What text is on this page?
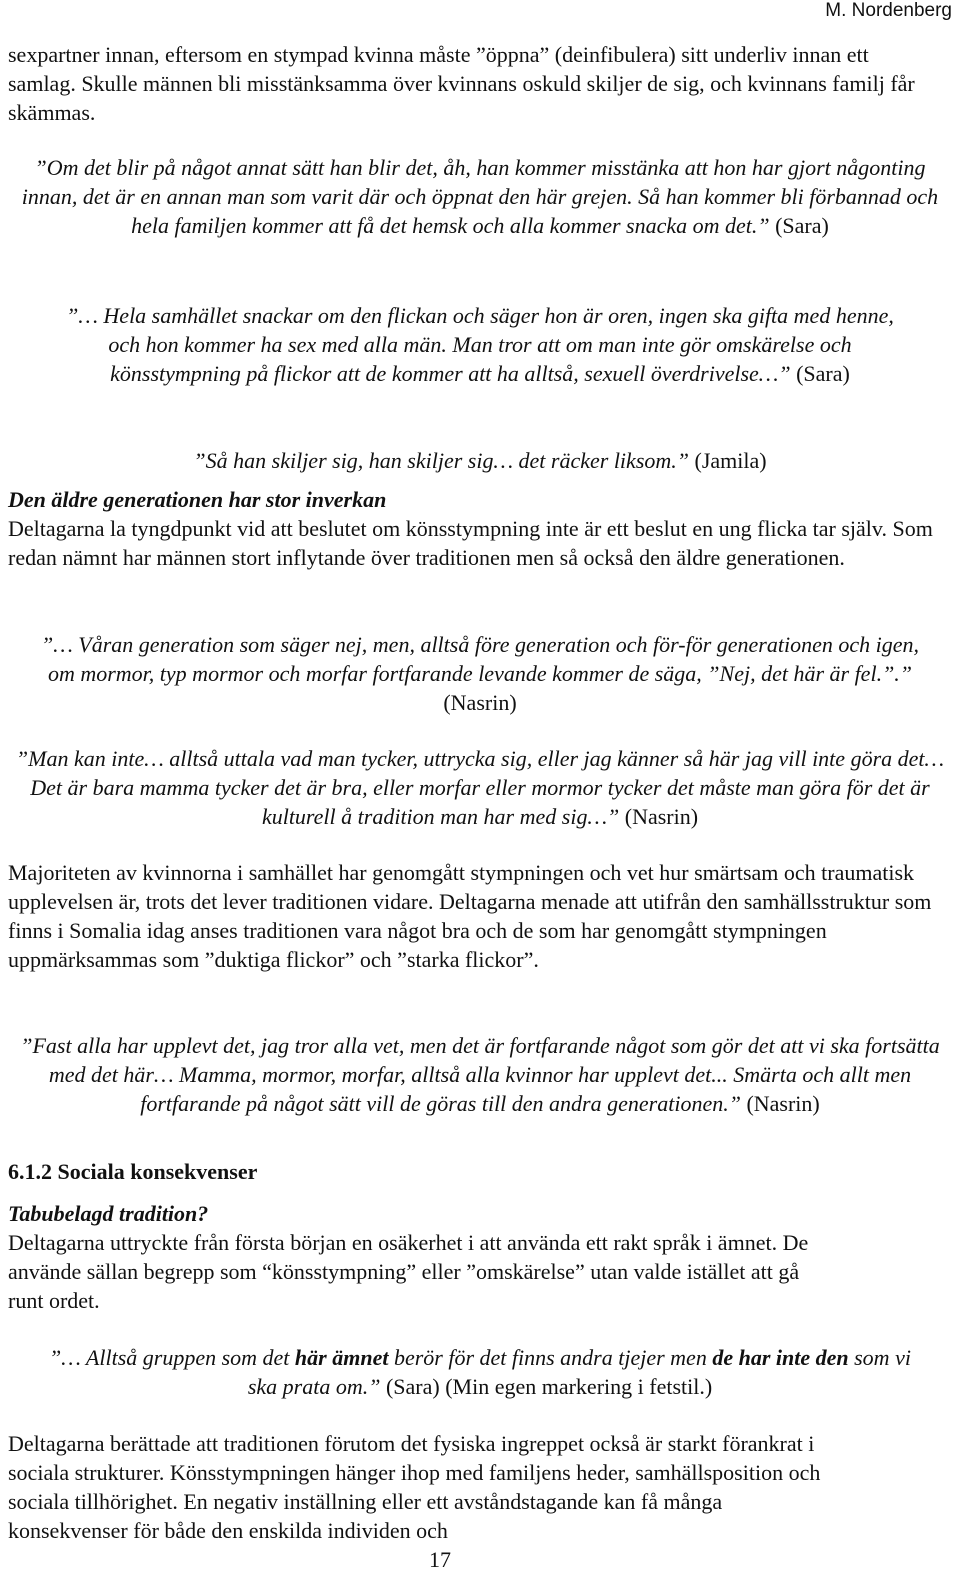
M. Nordenberg

sexpartner innan, eftersom en stympad kvinna måste ”öppna” (deinfibulera) sitt underliv innan ett samlag. Skulle männen bli misstänksamma över kvinnans oskuld skiljer de sig, och kvinnans familj får skämmas.

”Om det blir på något annat sätt han blir det, åh, han kommer misstänka att hon har gjort någonting innan, det är en annan man som varit där och öppnat den här grejen. Så han kommer bli förbannad och hela familjen kommer att få det hemsk och alla kommer snacka om det.” (Sara)

”… Hela samhället snackar om den flickan och säger hon är oren, ingen ska gifta med henne, och hon kommer ha sex med alla män. Man tror att om man inte gör omskärelse och könsstympning på flickor att de kommer att ha alltså, sexuell överdrivelse…” (Sara)

”Så han skiljer sig, han skiljer sig… det räcker liksom.” (Jamila)

Den äldre generationen har stor inverkan

Deltagarna la tyngdpunkt vid att beslutet om könsstympning inte är ett beslut en ung flicka tar själv. Som redan nämnt har männen stort inflytande över traditionen men så också den äldre generationen.

”… Våran generation som säger nej, men, alltså före generation och för-för generationen och igen, om mormor, typ mormor och morfar fortfarande levande kommer de säga, ”Nej, det här är fel.”.” (Nasrin)

”Man kan inte… alltså uttala vad man tycker, uttrycka sig, eller jag känner så här jag vill inte göra det… Det är bara mamma tycker det är bra, eller morfar eller mormor tycker det måste man göra för det är kulturell å tradition man har med sig…” (Nasrin)

Majoriteten av kvinnorna i samhället har genomgått stympningen och vet hur smärtsam och traumatisk upplevelsen är, trots det lever traditionen vidare. Deltagarna menade att utifrån den samhällsstruktur som finns i Somalia idag anses traditionen vara något bra och de som har genomgått stympningen uppmärksammas som ”duktiga flickor” och ”starka flickor”.

”Fast alla har upplevt det, jag tror alla vet, men det är fortfarande något som gör det att vi ska fortsätta med det här… Mamma, mormor, morfar, alltså alla kvinnor har upplevt det... Smärta och allt men fortfarande på något sätt vill de göras till den andra generationen.” (Nasrin)

6.1.2 Sociala konsekvenser
Tabubelagd tradition?

Deltagarna uttryckte från första början en osäkerhet i att använda ett rakt språk i ämnet. De använde sällan begrepp som “könsstympning” eller ”omskärelse” utan valde istället att gå runt ordet.

”… Alltså gruppen som det här ämnet berör för det finns andra tjejer men de har inte den som vi ska prata om.” (Sara) (Min egen markering i fetstil.)

Deltagarna berättade att traditionen förutom det fysiska ingreppet också är starkt förankrat i sociala strukturer. Könsstympningen hänger ihop med familjens heder, samhällsposition och sociala tillhörighet. En negativ inställning eller ett avståndstagande kan få många konsekvenser för både den enskilda individen och

17
